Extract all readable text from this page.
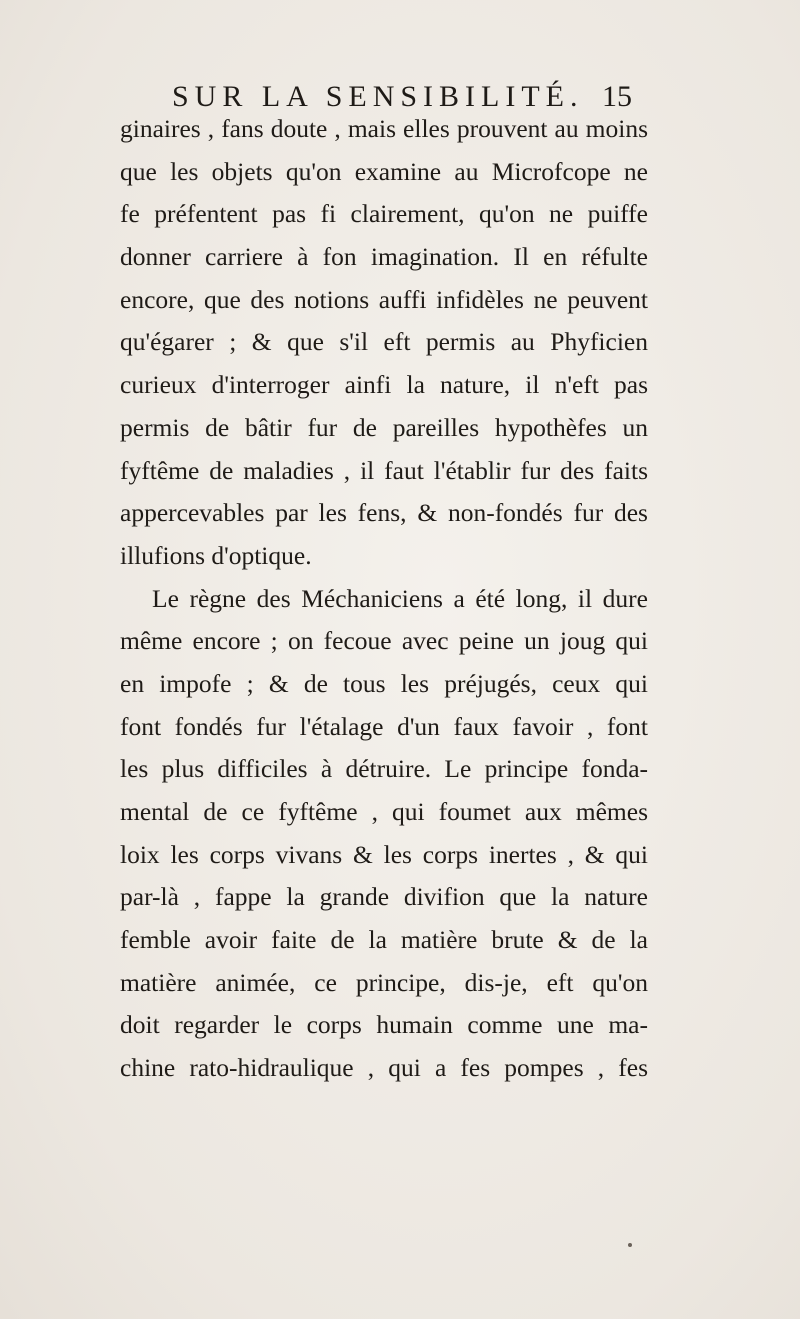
SUR LA SENSIBILITÉ. 15
ginaires , fans doute , mais elles prouvent au moins
que les objets qu'on examine au Microfcope ne
fe préfentent pas fi clairement, qu'on ne puiffe
donner carriere à fon imagination. Il en réfulte
encore, que des notions auffi infidèles ne peuvent
qu'égarer ; & que s'il eft permis au Phyficien
curieux d'interroger ainfi la nature, il n'eft pas
permis de bâtir fur de pareilles hypothèfes un
fyftême de maladies , il faut l'établir fur des faits
appercevables par les fens, & non-fondés fur des
illufions d'optique.
Le règne des Méchaniciens a été long, il dure
même encore ; on fecoue avec peine un joug qui
en impofe ; & de tous les préjugés, ceux qui
font fondés fur l'étalage d'un faux favoir , font
les plus difficiles à détruire. Le principe fonda-
mental de ce fyftême , qui foumet aux mêmes
loix les corps vivans & les corps inertes , & qui
par-là , fappe la grande divifion que la nature
femble avoir faite de la matière brute & de la
matière animée, ce principe, dis-je, eft qu'on
doit regarder le corps humain comme une ma-
chine rato-hidraulique , qui a fes pompes , fes
